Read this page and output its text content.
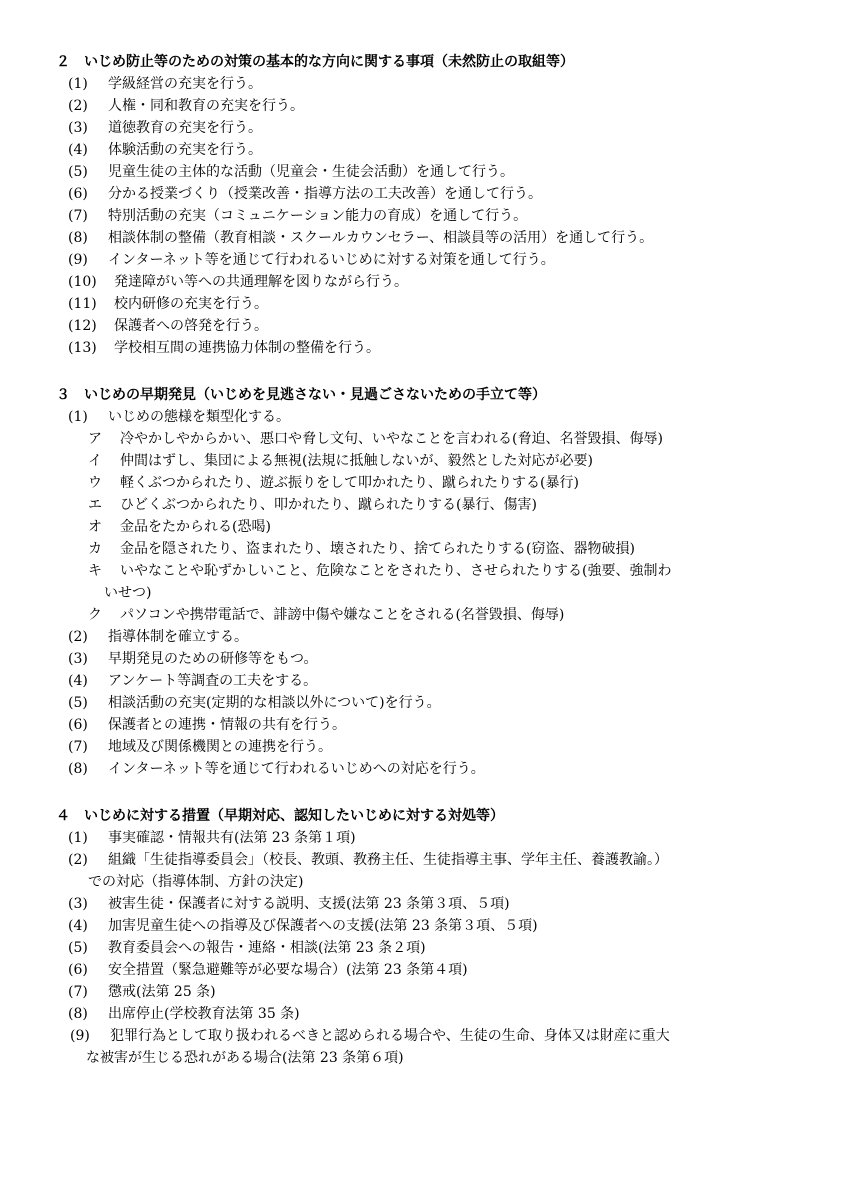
２　いじめ防止等のための対策の基本的な方向に関する事項（未然防止の取組等）
(1) 学級経営の充実を行う。
(2) 人権・同和教育の充実を行う。
(3) 道徳教育の充実を行う。
(4) 体験活動の充実を行う。
(5) 児童生徒の主体的な活動（児童会・生徒会活動）を通して行う。
(6) 分かる授業づくり（授業改善・指導方法の工夫改善）を通して行う。
(7) 特別活動の充実（コミュニケーション能力の育成）を通して行う。
(8) 相談体制の整備（教育相談・スクールカウンセラー、相談員等の活用）を通して行う。
(9) インターネット等を通じて行われるいじめに対する対策を通して行う。
(10) 発達障がい等への共通理解を図りながら行う。
(11) 校内研修の充実を行う。
(12) 保護者への啓発を行う。
(13) 学校相互間の連携協力体制の整備を行う。
３　いじめの早期発見（いじめを見逃さない・見過ごさないための手立て等）
(1) いじめの態様を類型化する。
ア 冷やかしやからかい、悪口や脅し文句、いやなことを言われる(脅迫、名誉毀損、侮辱)
イ 仲間はずし、集団による無視(法規に抵触しないが、毅然とした対応が必要)
ウ 軽くぶつかられたり、遊ぶ振りをして叩かれたり、蹴られたりする(暴行)
エ ひどくぶつかられたり、叩かれたり、蹴られたりする(暴行、傷害)
オ 金品をたかられる(恐喝)
カ 金品を隠されたり、盗まれたり、壊されたり、捨てられたりする(窃盗、器物破損)
キ いやなことや恥ずかしいこと、危険なことをされたり、させられたりする(強要、強制わ
いせつ)
ク パソコンや携帯電話で、誹謗中傷や嫌なことをされる(名誉毀損、侮辱)
(2) 指導体制を確立する。
(3) 早期発見のための研修等をもつ。
(4) アンケート等調査の工夫をする。
(5) 相談活動の充実(定期的な相談以外について)を行う。
(6) 保護者との連携・情報の共有を行う。
(7) 地域及び関係機関との連携を行う。
(8) インターネット等を通じて行われるいじめへの対応を行う。
４　いじめに対する措置（早期対応、認知したいじめに対する対処等）
(1) 事実確認・情報共有(法第 23 条第１項)
(2) 組織「生徒指導委員会」（校長、教頭、教務主任、生徒指導主事、学年主任、養護教諭。）
での対応（指導体制、方針の決定)
(3) 被害生徒・保護者に対する説明、支援(法第 23 条第３項、５項)
(4) 加害児童生徒への指導及び保護者への支援(法第 23 条第３項、５項)
(5) 教育委員会への報告・連絡・相談(法第 23 条２項)
(6) 安全措置（緊急避難等が必要な場合）(法第 23 条第４項)
(7) 懲戒(法第 25 条)
(8) 出席停止(学校教育法第 35 条)
(9) 犯罪行為として取り扱われるべきと認められる場合や、生徒の生命、身体又は財産に重大
な被害が生じる恐れがある場合(法第 23 条第６項)
